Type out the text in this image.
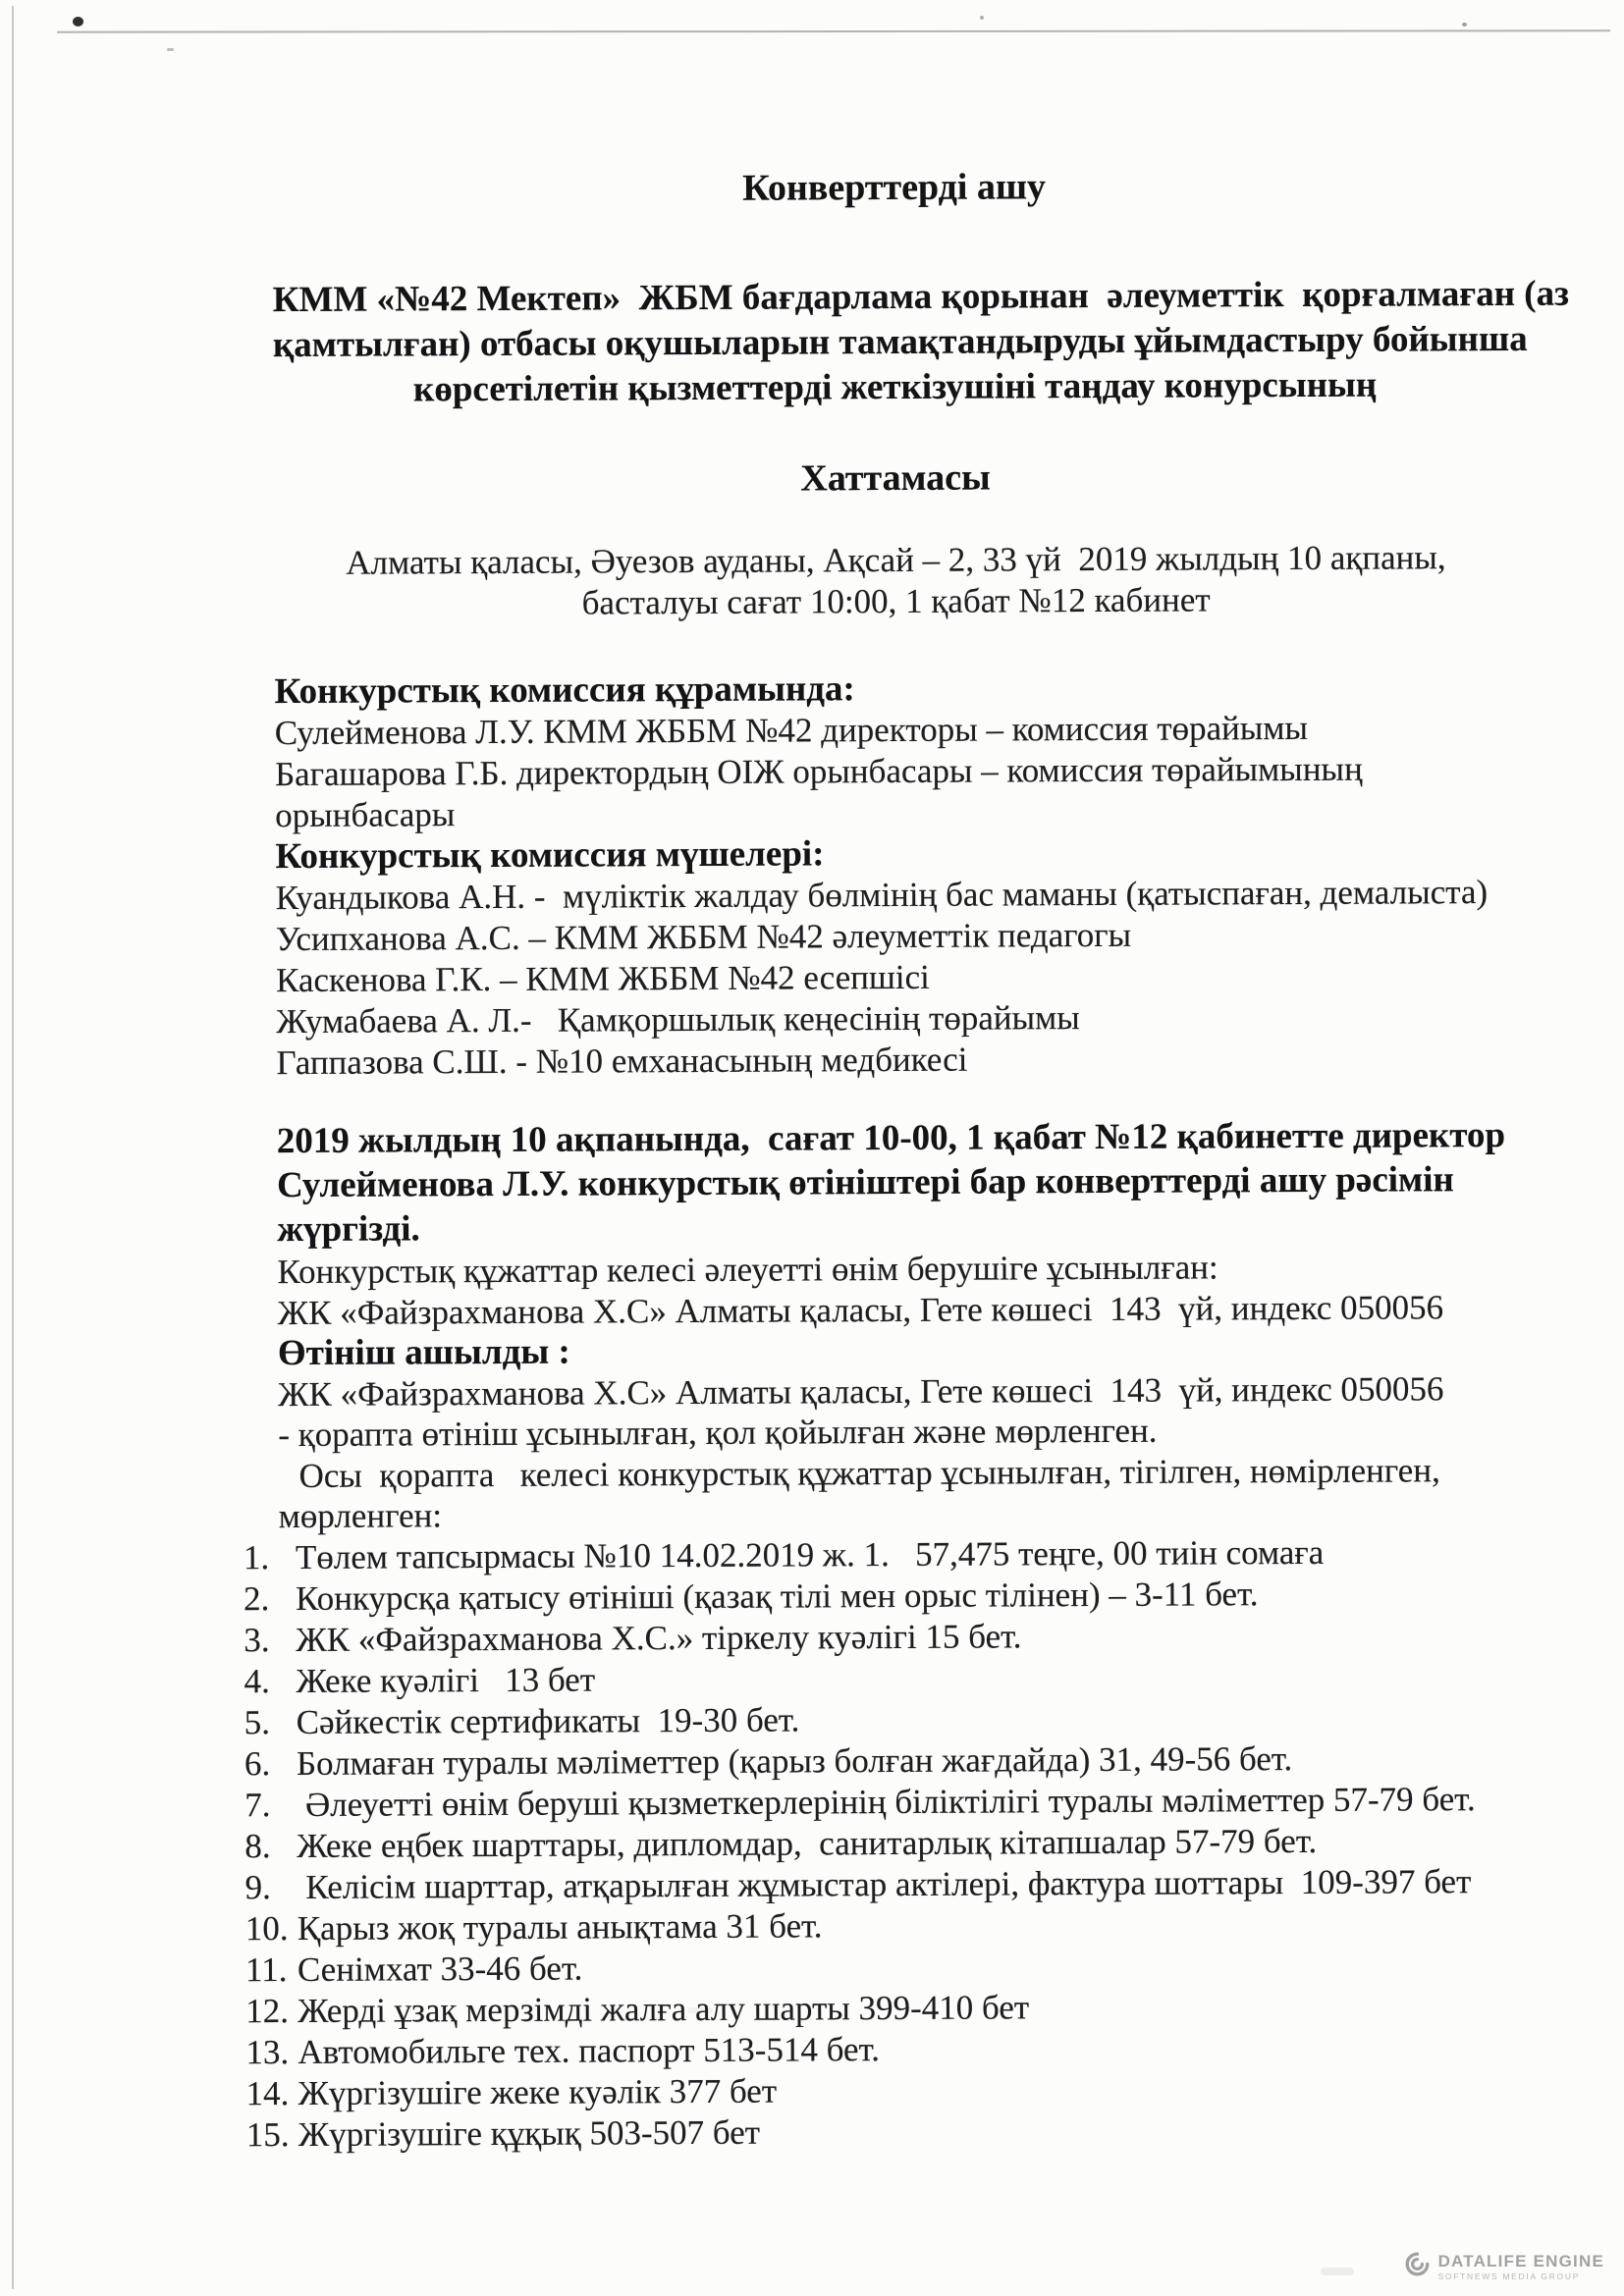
Конверттерді ашу
КММ «№42 Мектеп»  ЖБМ бағдарлама қорынан  әлеуметтік  қорғалмаған (аз
қамтылған) отбасы оқушыларын тамақтандыруды ұйымдастыру бойынша
көрсетілетін қызметтерді жеткізушіні таңдау конурсының
Хаттамасы
Алматы қаласы, Әуезов ауданы, Ақсай – 2, 33 үй  2019 жылдың 10 ақпаны,
басталуы сағат 10:00, 1 қабат №12 кабинет
Конкурстық комиссия құрамында:
Сулейменова Л.У. КММ ЖББМ №42 директоры – комиссия төрайымы
Багашарова Г.Б. директордың ОІЖ орынбасары – комиссия төрайымының
орынбасары
Конкурстық комиссия мүшелері:
Куандыкова А.Н. -  мүліктік жалдау бөлмінің бас маманы (қатыспаған, демалыста)
Усипханова А.С. – КММ ЖББМ №42 әлеуметтік педагогы
Каскенова Г.К. – КММ ЖББМ №42 есепшісі
Жумабаева А. Л.-   Қамқоршылық кеңесінің төрайымы
Гаппазова С.Ш. - №10 емханасының медбикесі
2019 жылдың 10 ақпанында,  сағат 10-00, 1 қабат №12 қабинетте директор
Сулейменова Л.У. конкурстық өтініштері бар конверттерді ашу рәсімін
жүргізді.
Конкурстық құжаттар келесі әлеуетті өнім берушіге ұсынылған:
ЖК «Файзрахманова Х.С» Алматы қаласы, Гете көшесі  143  үй, индекс 050056
Өтініш ашылды :
ЖК «Файзрахманова Х.С» Алматы қаласы, Гете көшесі  143  үй, индекс 050056
- қорапта өтініш ұсынылған, қол қойылған және мөрленген.
Осы  қорапта   келесі конкурстық құжаттар ұсынылған, тігілген, нөмірленген,
мөрленген:
1. Төлем тапсырмасы №10 14.02.2019 ж. 1.   57,475 теңге, 00 тиін сомаға
2. Конкурсқа қатысу өтініші (қазақ тілі мен орыс тілінен) – 3-11 бет.
3. ЖК «Файзрахманова Х.С.» тіркелу куәлігі 15 бет.
4. Жеке куәлігі   13 бет
5. Сәйкестік сертификаты  19-30 бет.
6. Болмаған туралы мәліметтер (қарыз болған жағдайда) 31, 49-56 бет.
7. Әлеуетті өнім беруші қызметкерлерінің біліктілігі туралы мәліметтер 57-79 бет.
8. Жеке еңбек шарттары, дипломдар,  санитарлық кітапшалар 57-79 бет.
9. Келісім шарттар, атқарылған жұмыстар актілері, фактура шоттары  109-397 бет
10. Қарыз жоқ туралы анықтама 31 бет.
11. Сенімхат 33-46 бет.
12. Жерді ұзақ мерзімді жалға алу шарты 399-410 бет
13. Автомобильге тех. паспорт 513-514 бет.
14. Жүргізушіге жеке куәлік 377 бет
15. Жүргізушіге құқық 503-507 бет
DATALIFE ENGINE
SOFTNEWS MEDIA GROUP
